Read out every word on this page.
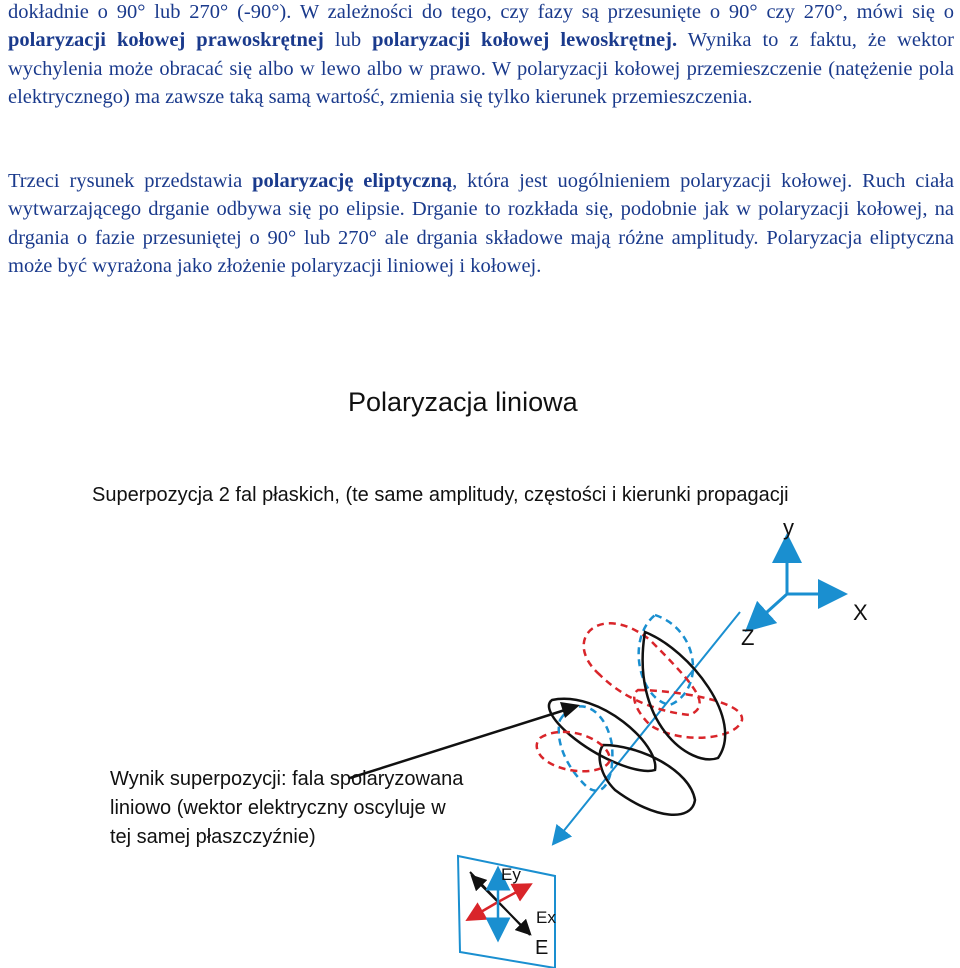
dokładnie o 90° lub 270° (-90°). W zależności do tego, czy fazy są przesunięte o 90° czy 270°, mówi się o polaryzacji kołowej prawoskrętnej lub polaryzacji kołowej lewoskrętnej. Wynika to z faktu, że wektor wychylenia może obracać się albo w lewo albo w prawo. W polaryzacji kołowej przemieszczenie (natężenie pola elektrycznego) ma zawsze taką samą wartość, zmienia się tylko kierunek przemieszczenia.

Trzeci rysunek przedstawia polaryzację eliptyczną, która jest uogólnieniem polaryzacji kołowej. Ruch ciała wytwarzającego drganie odbywa się po elipsie. Drganie to rozkłada się, podobnie jak w polaryzacji kołowej, na drgania o fazie przesuniętej o 90° lub 270° ale drgania składowe mają różne amplitudy. Polaryzacja eliptyczna może być wyrażona jako złożenie polaryzacji liniowej i kołowej.

y
X
Z
Ey
Ex
E
Polaryzacja liniowa
Superpozycja 2 fal płaskich, (te same amplitudy, częstości i kierunki propagacji
Wynik superpozycji: fala spolaryzowana liniowo (wektor elektryczny oscyluje w tej samej płaszczyźnie)
